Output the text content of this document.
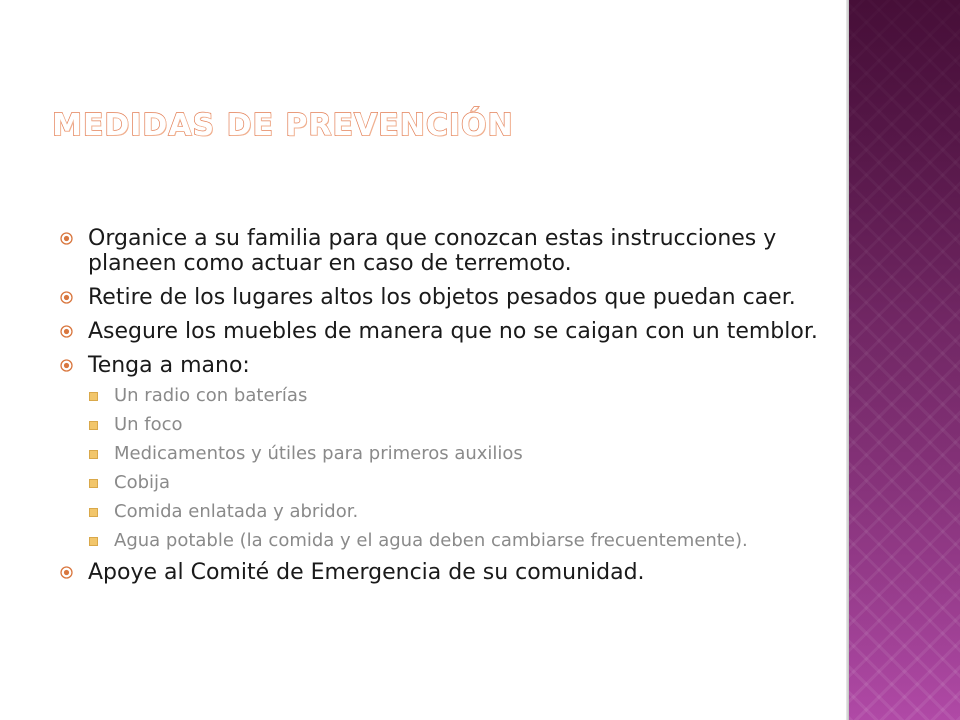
MEDIDAS DE PREVENCIÓN
Organice a su familia para que conozcan estas instrucciones y planeen como actuar en caso de terremoto.
Retire de los lugares altos los objetos pesados que puedan caer.
Asegure los muebles de manera que no se caigan con un temblor.
Tenga a mano:
Un radio con baterías
Un foco
Medicamentos y útiles para primeros auxilios
Cobija
Comida enlatada y abridor.
Agua potable (la comida y el agua deben cambiarse frecuentemente).
Apoye al Comité de Emergencia de su comunidad.
